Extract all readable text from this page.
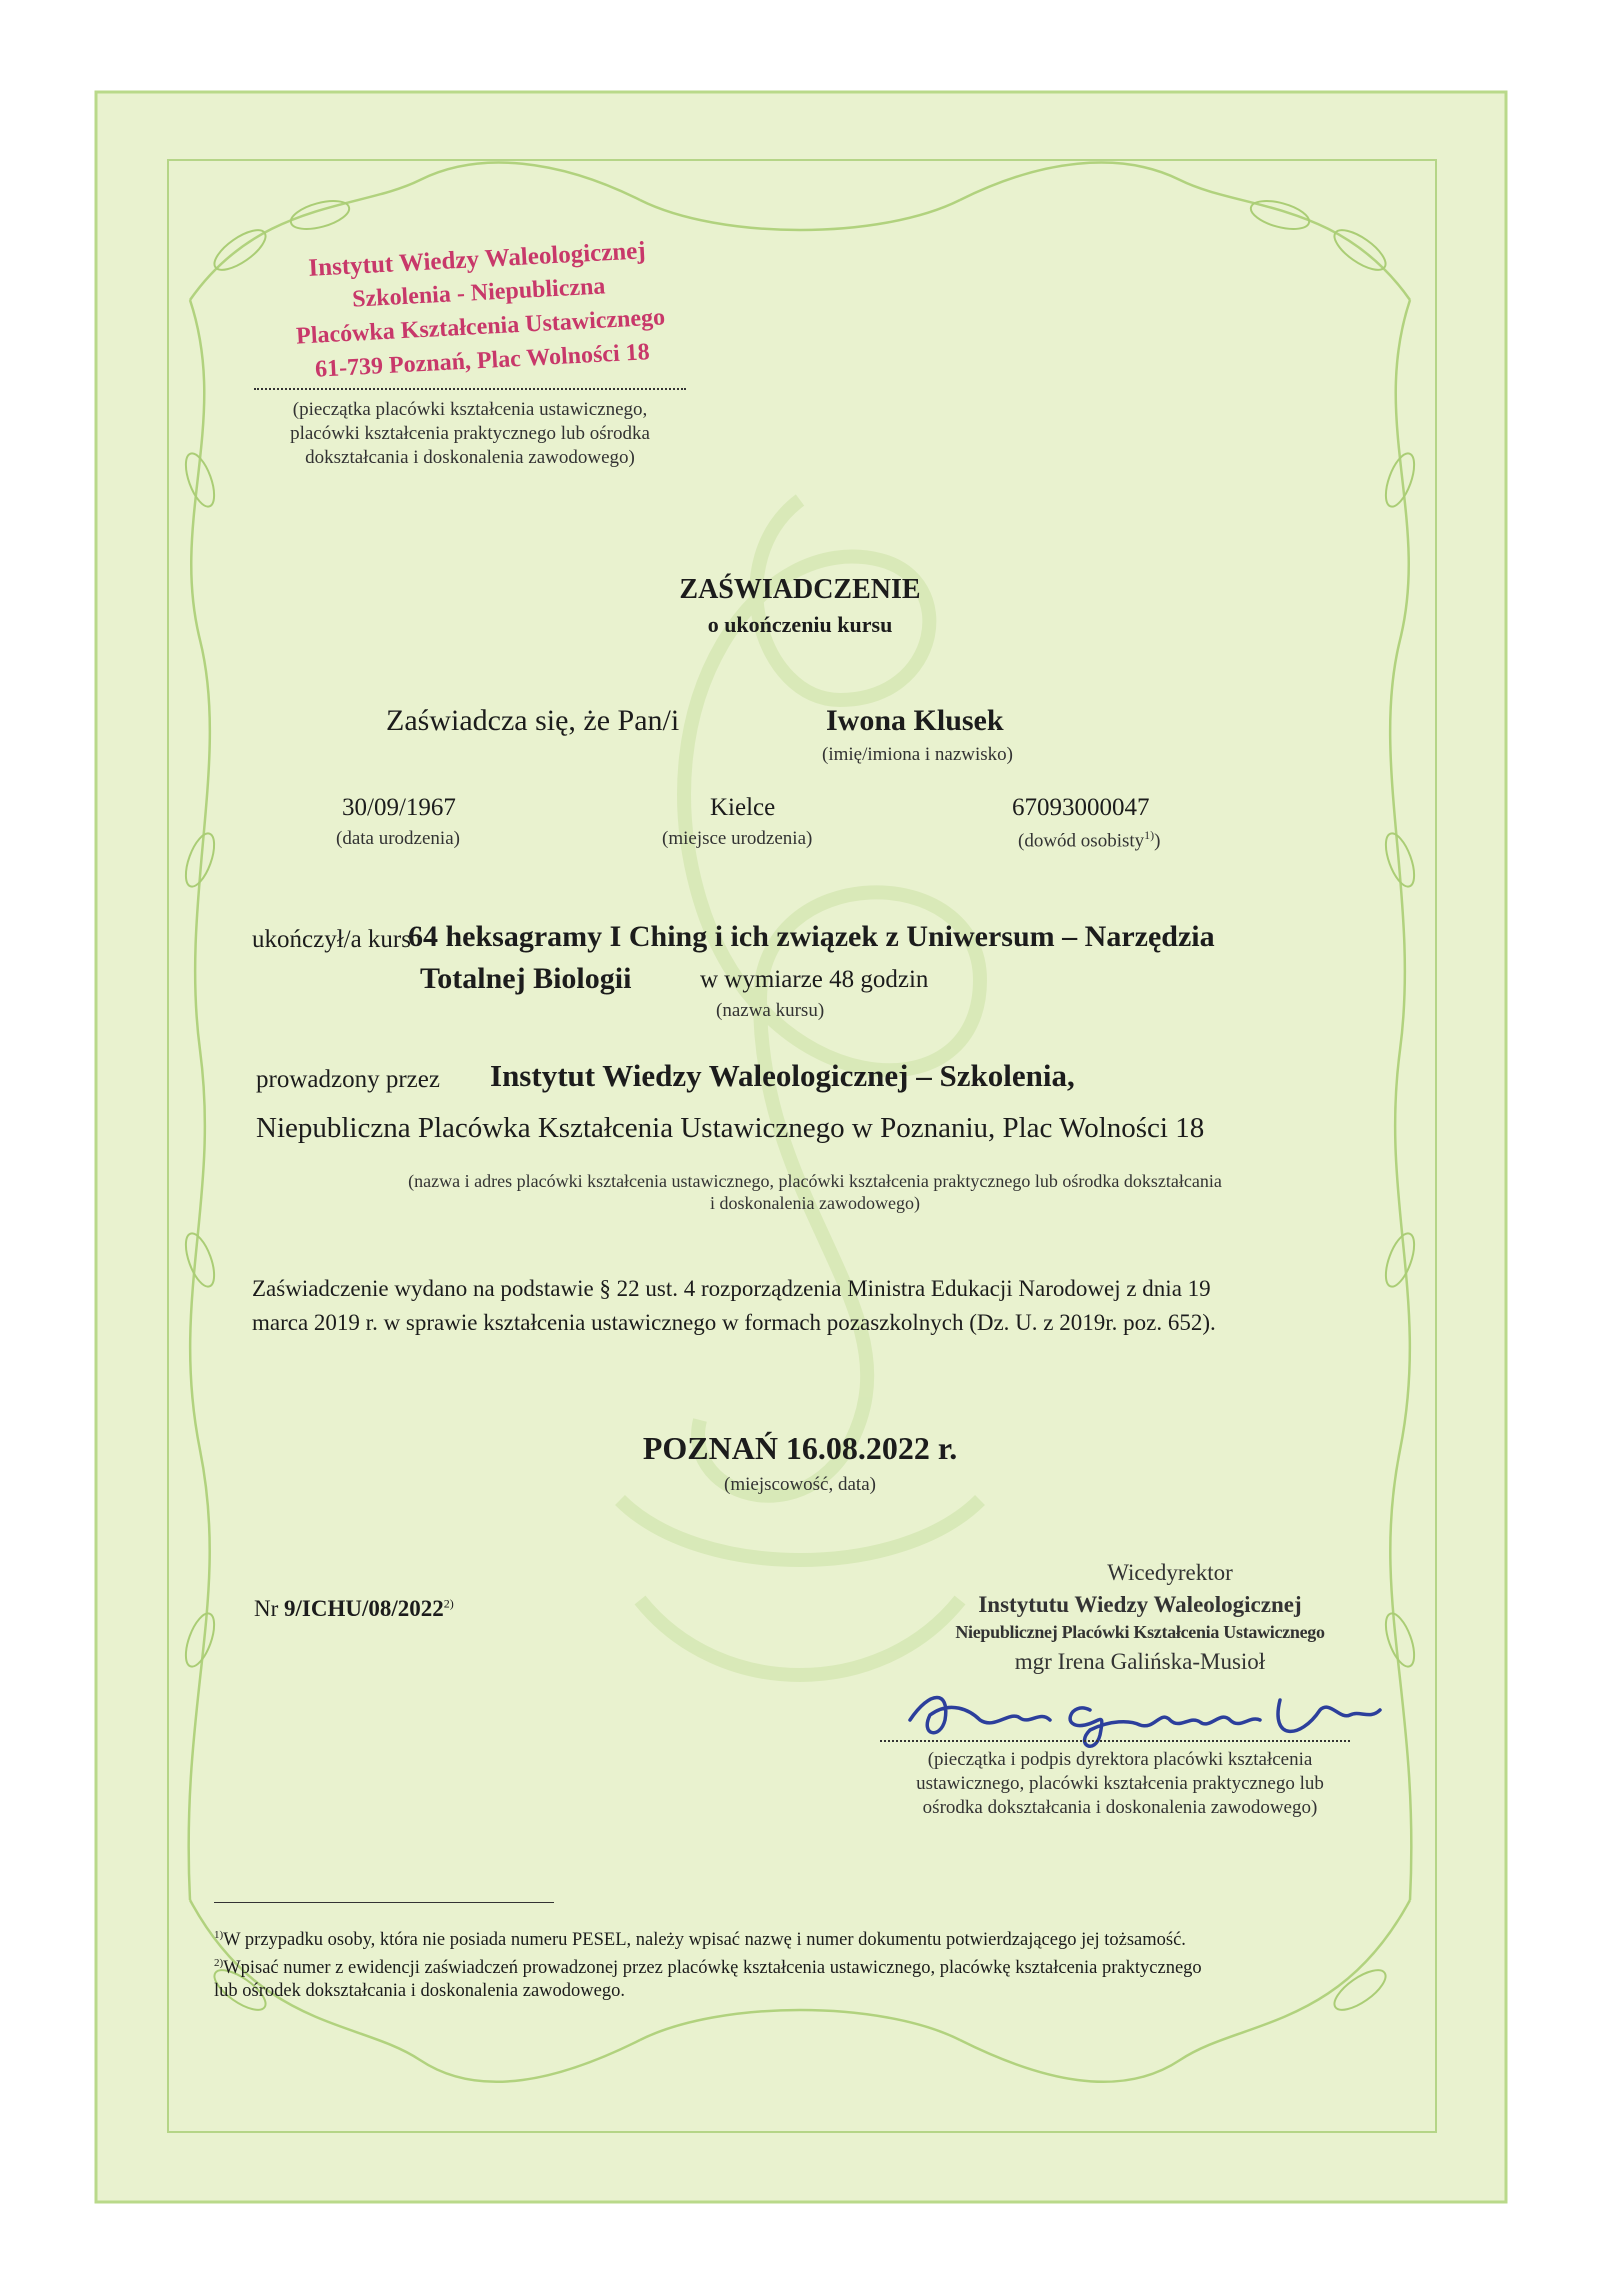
Instytut Wiedzy Waleologicznej
Szkolenia - Niepubliczna
Placówka Kształcenia Ustawicznego
61-739 Poznań, Plac Wolności 18
(pieczątka placówki kształcenia ustawicznego,
placówki kształcenia praktycznego lub ośrodka
dokształcania i doskonalenia zawodowego)
ZAŚWIADCZENIE
o ukończeniu kursu
Zaświadcza się, że Pan/i	Iwona Klusek
(imię/imiona i nazwisko)
30/09/1967
(data urodzenia)
Kielce
(miejsce urodzenia)
67093000047
(dowód osobisty$^{1)}$)
ukończył/a kurs
64 heksagramy I Ching i ich związek z Uniwersum – Narzędzia
Totalnej Biologii	w wymiarze 48 godzin
(nazwa kursu)
prowadzony przez Instytut Wiedzy Waleologicznej – Szkolenia,
Niepubliczna Placówka Kształcenia Ustawicznego w Poznaniu, Plac Wolności 18
(nazwa i adres placówki kształcenia ustawicznego, placówki kształcenia praktycznego lub ośrodka dokształcania
i doskonalenia zawodowego)
Zaświadczenie wydano na podstawie § 22 ust. 4 rozporządzenia Ministra Edukacji Narodowej z dnia 19
marca 2019 r. w sprawie kształcenia ustawicznego w formach pozaszkolnych (Dz. U. z 2019r. poz. 652).
POZNAŃ 16.08.2022 r.
(miejscowość, data)
Nr 9/ICHU/08/2022$^{2)}$
Wicedyrektor
Instytutu Wiedzy Waleologicznej
Niepublicznej Placówki Kształcenia Ustawicznego
mgr Irena Galińska-Musioł
(pieczątka i podpis dyrektora placówki kształcenia
ustawicznego, placówki kształcenia praktycznego lub
ośrodka dokształcania i doskonalenia zawodowego)
$^{1)}$W przypadku osoby, która nie posiada numeru PESEL, należy wpisać nazwę i numer dokumentu potwierdzającego jej tożsamość.
$^{2)}$Wpisać numer z ewidencji zaświadczeń prowadzonej przez placówkę kształcenia ustawicznego, placówkę kształcenia praktycznego
lub ośrodek dokształcania i doskonalenia zawodowego.
